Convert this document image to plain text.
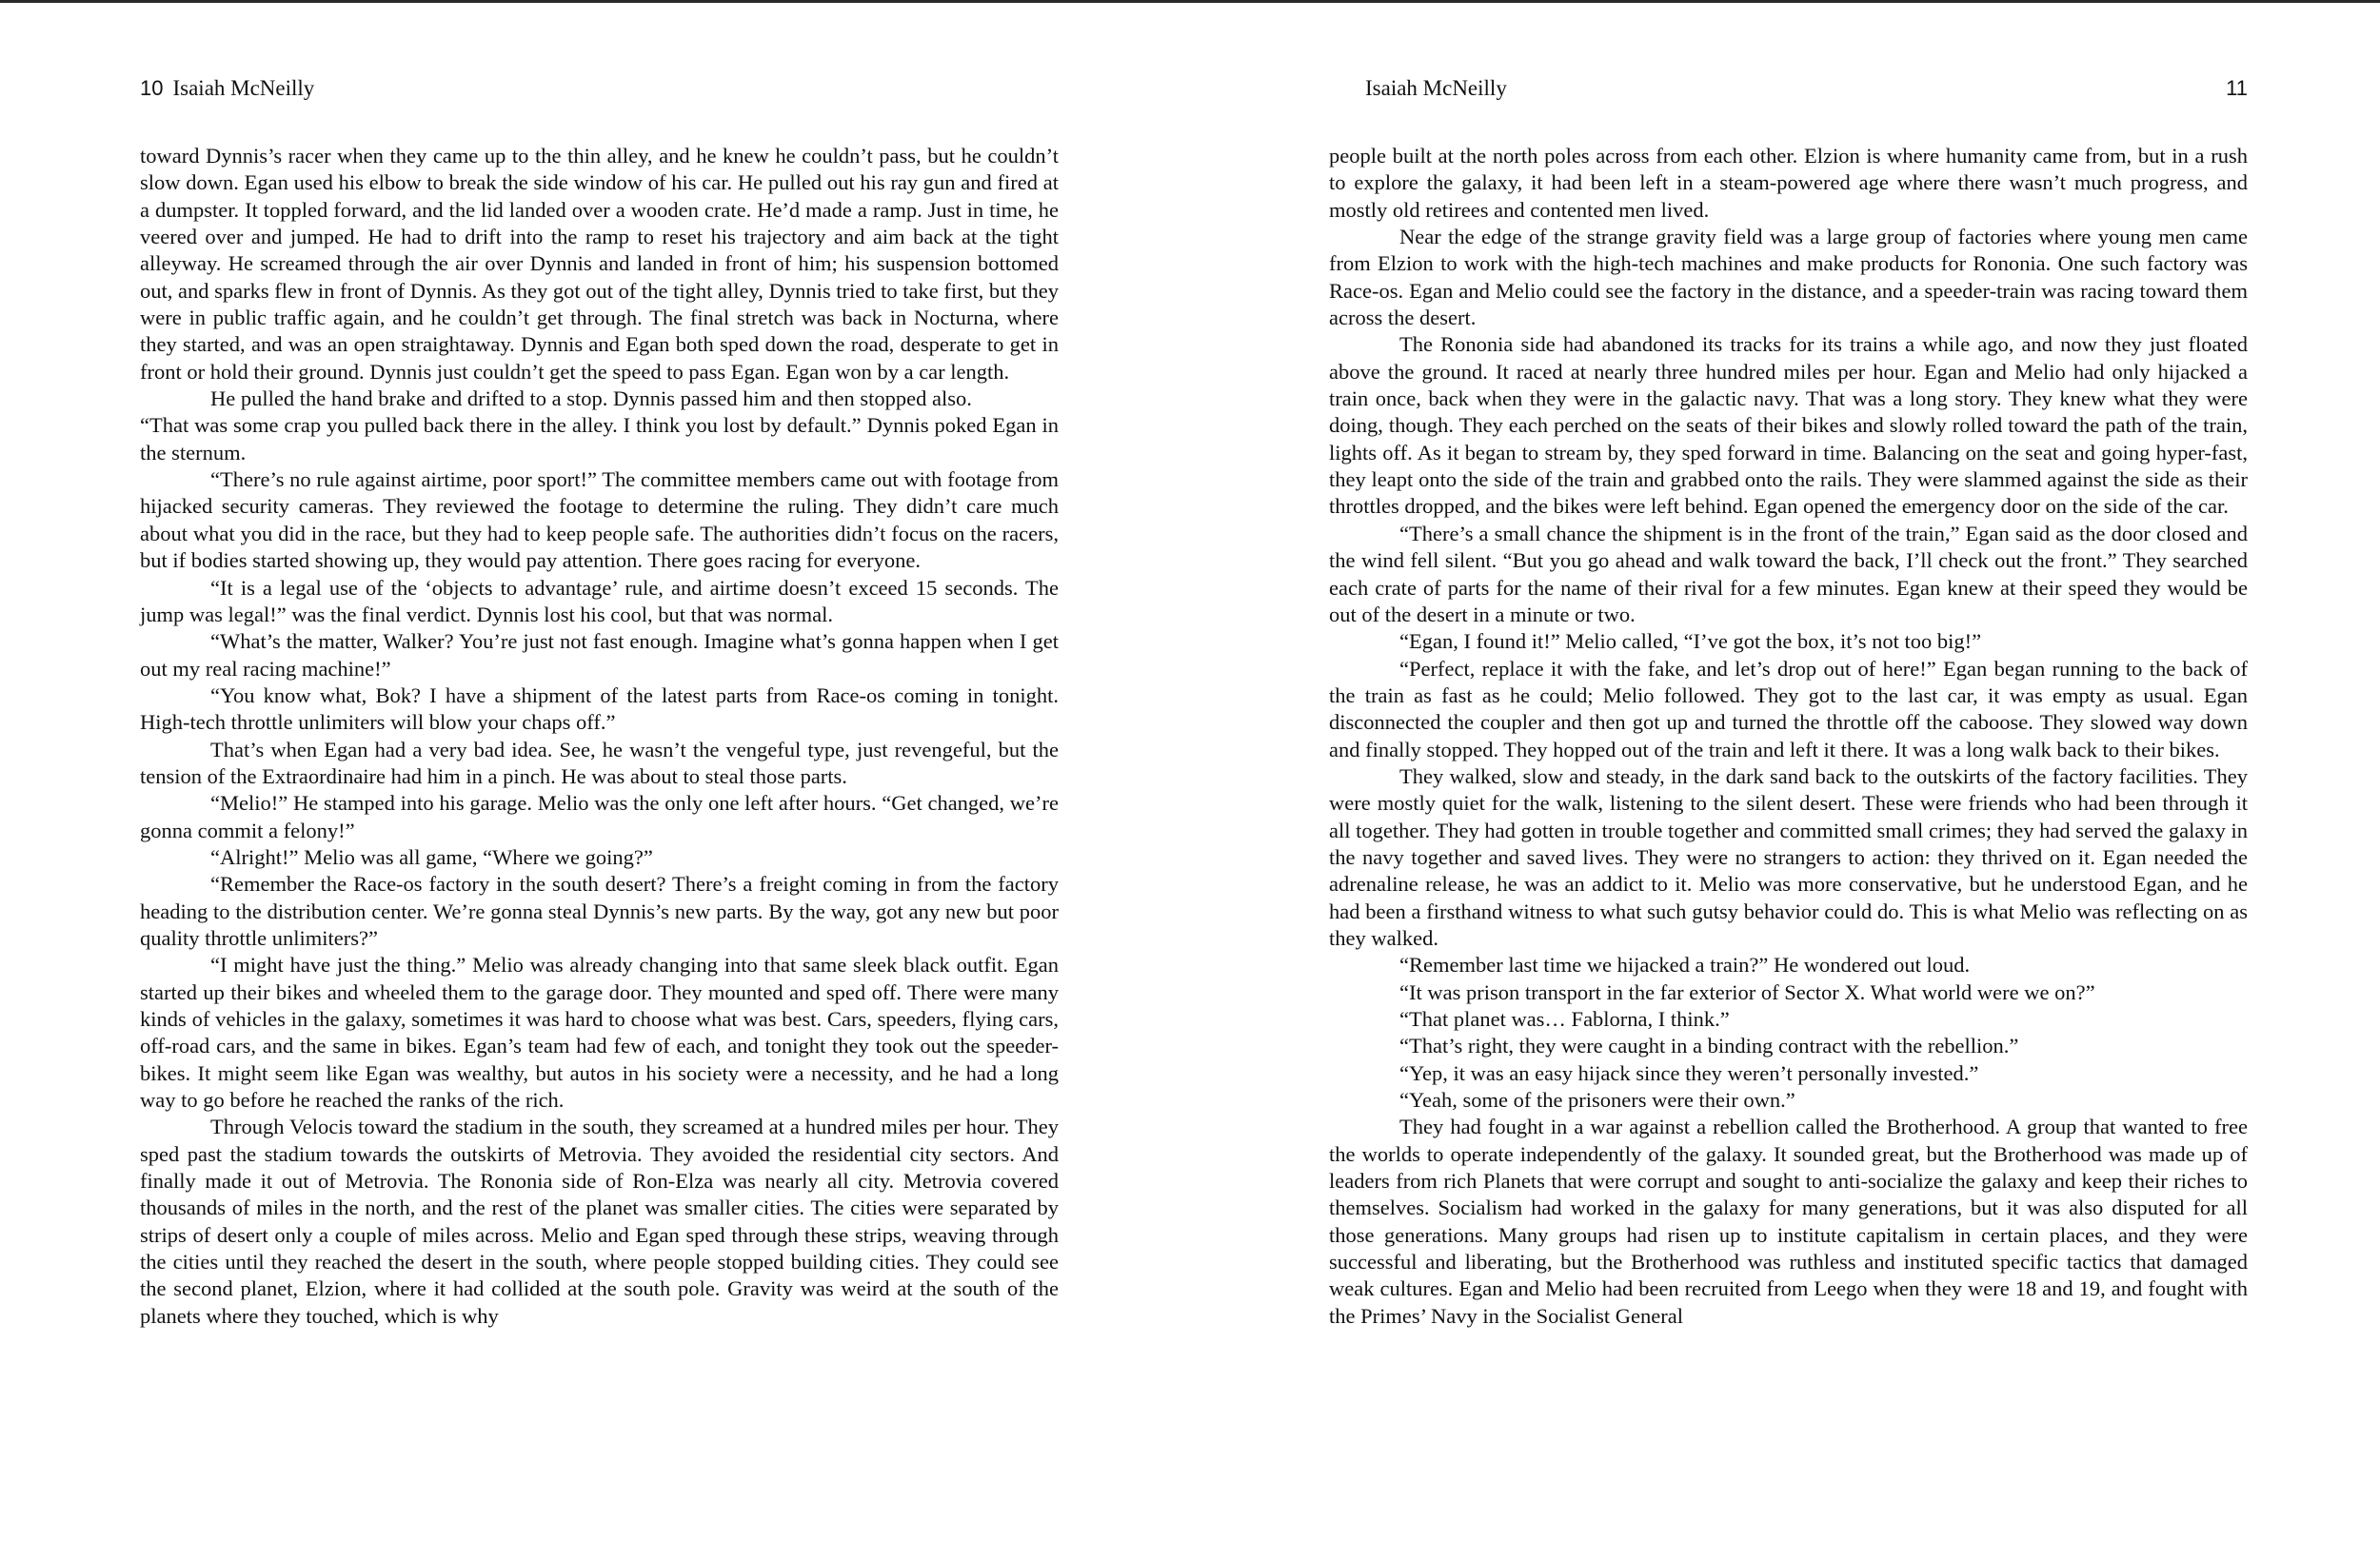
10 Isaiah McNeilly

toward Dynnis’s racer when they came up to the thin alley, and he knew he couldn’t pass, but he couldn’t slow down. Egan used his elbow to break the side window of his car. He pulled out his ray gun and fired at a dumpster. It toppled forward, and the lid landed over a wooden crate. He’d made a ramp. Just in time, he veered over and jumped. He had to drift into the ramp to reset his trajectory and aim back at the tight alleyway. He screamed through the air over Dynnis and landed in front of him; his suspension bottomed out, and sparks flew in front of Dynnis. As they got out of the tight alley, Dynnis tried to take first, but they were in public traffic again, and he couldn’t get through. The final stretch was back in Nocturna, where they started, and was an open straightaway. Dynnis and Egan both sped down the road, desperate to get in front or hold their ground. Dynnis just couldn’t get the speed to pass Egan. Egan won by a car length.

He pulled the hand brake and drifted to a stop. Dynnis passed him and then stopped also.

“That was some crap you pulled back there in the alley. I think you lost by default.” Dynnis poked Egan in the sternum.

“There’s no rule against airtime, poor sport!” The committee members came out with footage from hijacked security cameras. They reviewed the footage to determine the ruling. They didn’t care much about what you did in the race, but they had to keep people safe. The authorities didn’t focus on the racers, but if bodies started showing up, they would pay attention. There goes racing for everyone.

“It is a legal use of the ‘objects to advantage’ rule, and airtime doesn’t exceed 15 seconds. The jump was legal!” was the final verdict. Dynnis lost his cool, but that was normal.

“What’s the matter, Walker? You’re just not fast enough. Imagine what’s gonna happen when I get out my real racing machine!”

“You know what, Bok? I have a shipment of the latest parts from Race-os coming in tonight. High-tech throttle unlimiters will blow your chaps off.”

That’s when Egan had a very bad idea. See, he wasn’t the vengeful type, just revengeful, but the tension of the Extraordinaire had him in a pinch. He was about to steal those parts.

“Melio!” He stamped into his garage. Melio was the only one left after hours. “Get changed, we’re gonna commit a felony!”

“Alright!” Melio was all game, “Where we going?”

“Remember the Race-os factory in the south desert? There’s a freight coming in from the factory heading to the distribution center. We’re gonna steal Dynnis’s new parts. By the way, got any new but poor quality throttle unlimiters?”

“I might have just the thing.” Melio was already changing into that same sleek black outfit. Egan started up their bikes and wheeled them to the garage door. They mounted and sped off. There were many kinds of vehicles in the galaxy, sometimes it was hard to choose what was best. Cars, speeders, flying cars, off-road cars, and the same in bikes. Egan’s team had few of each, and tonight they took out the speeder-bikes. It might seem like Egan was wealthy, but autos in his society were a necessity, and he had a long way to go before he reached the ranks of the rich.

Through Velocis toward the stadium in the south, they screamed at a hundred miles per hour. They sped past the stadium towards the outskirts of Metrovia. They avoided the residential city sectors. And finally made it out of Metrovia. The Rononia side of Ron-Elza was nearly all city. Metrovia covered thousands of miles in the north, and the rest of the planet was smaller cities. The cities were separated by strips of desert only a couple of miles across. Melio and Egan sped through these strips, weaving through the cities until they reached the desert in the south, where people stopped building cities. They could see the second planet, Elzion, where it had collided at the south pole. Gravity was weird at the south of the planets where they touched, which is why

Isaiah McNeilly	11

people built at the north poles across from each other. Elzion is where humanity came from, but in a rush to explore the galaxy, it had been left in a steam-powered age where there wasn’t much progress, and mostly old retirees and contented men lived.

Near the edge of the strange gravity field was a large group of factories where young men came from Elzion to work with the high-tech machines and make products for Rononia. One such factory was Race-os. Egan and Melio could see the factory in the distance, and a speeder-train was racing toward them across the desert.

The Rononia side had abandoned its tracks for its trains a while ago, and now they just floated above the ground. It raced at nearly three hundred miles per hour. Egan and Melio had only hijacked a train once, back when they were in the galactic navy. That was a long story. They knew what they were doing, though. They each perched on the seats of their bikes and slowly rolled toward the path of the train, lights off. As it began to stream by, they sped forward in time. Balancing on the seat and going hyper-fast, they leapt onto the side of the train and grabbed onto the rails. They were slammed against the side as their throttles dropped, and the bikes were left behind. Egan opened the emergency door on the side of the car.

“There’s a small chance the shipment is in the front of the train,” Egan said as the door closed and the wind fell silent. “But you go ahead and walk toward the back, I’ll check out the front.” They searched each crate of parts for the name of their rival for a few minutes. Egan knew at their speed they would be out of the desert in a minute or two.

“Egan, I found it!” Melio called, “I’ve got the box, it’s not too big!”

“Perfect, replace it with the fake, and let’s drop out of here!” Egan began running to the back of the train as fast as he could; Melio followed. They got to the last car, it was empty as usual. Egan disconnected the coupler and then got up and turned the throttle off the caboose. They slowed way down and finally stopped. They hopped out of the train and left it there. It was a long walk back to their bikes.

They walked, slow and steady, in the dark sand back to the outskirts of the factory facilities. They were mostly quiet for the walk, listening to the silent desert. These were friends who had been through it all together. They had gotten in trouble together and committed small crimes; they had served the galaxy in the navy together and saved lives. They were no strangers to action: they thrived on it. Egan needed the adrenaline release, he was an addict to it. Melio was more conservative, but he understood Egan, and he had been a firsthand witness to what such gutsy behavior could do. This is what Melio was reflecting on as they walked.

“Remember last time we hijacked a train?” He wondered out loud.

“It was prison transport in the far exterior of Sector X. What world were we on?”

“That planet was… Fablorna, I think.”

“That’s right, they were caught in a binding contract with the rebellion.”

“Yep, it was an easy hijack since they weren’t personally invested.”

“Yeah, some of the prisoners were their own.”

They had fought in a war against a rebellion called the Brotherhood. A group that wanted to free the worlds to operate independently of the galaxy. It sounded great, but the Brotherhood was made up of leaders from rich Planets that were corrupt and sought to anti-socialize the galaxy and keep their riches to themselves. Socialism had worked in the galaxy for many generations, but it was also disputed for all those generations. Many groups had risen up to institute capitalism in certain places, and they were successful and liberating, but the Brotherhood was ruthless and instituted specific tactics that damaged weak cultures. Egan and Melio had been recruited from Leego when they were 18 and 19, and fought with the Primes’ Navy in the Socialist General
